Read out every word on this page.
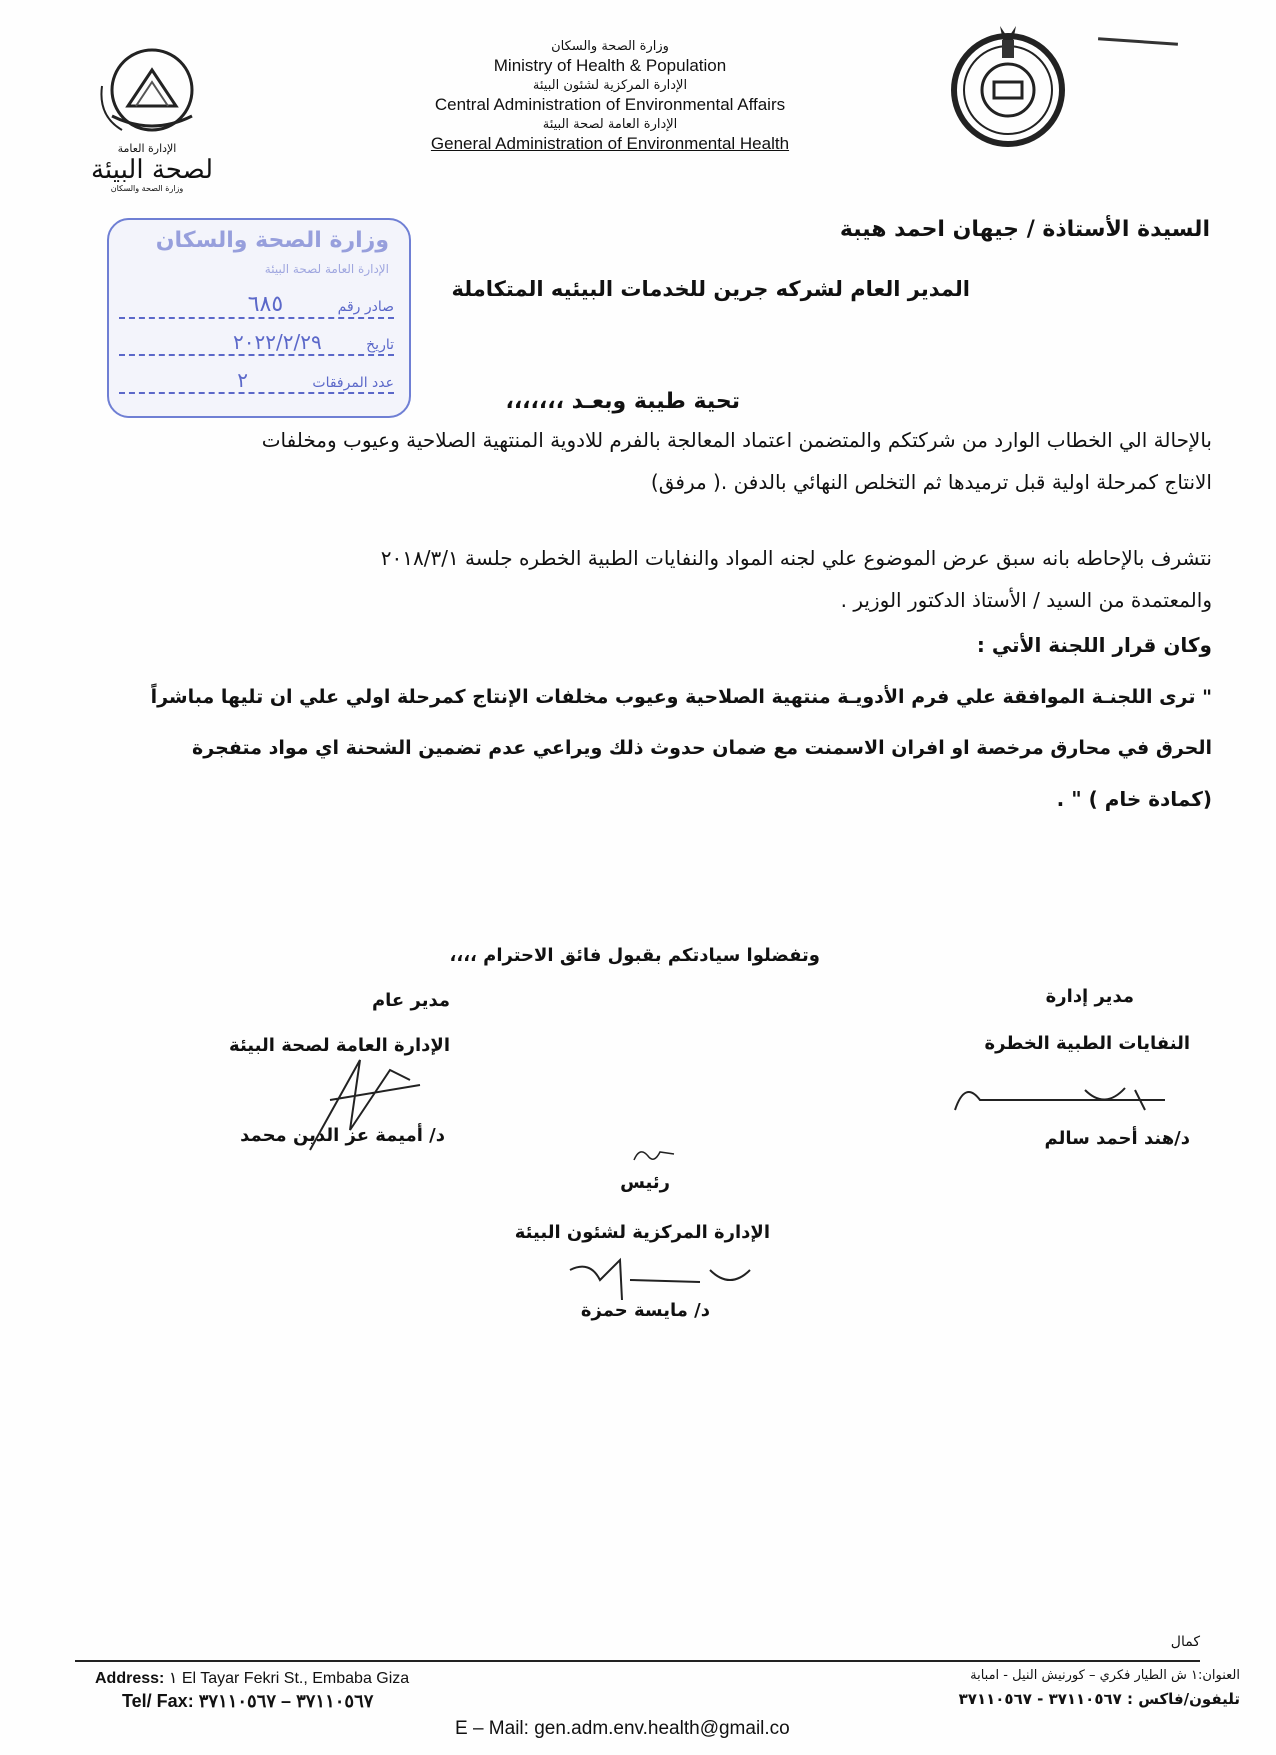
الإدارة العامة
لصحة البيئة
وزارة الصحة والسكان
وزارة الصحة والسكان
Ministry of Health & Population
الإدارة المركزية لشئون البيئة
Central Administration of Environmental Affairs
الإدارة العامة لصحة البيئة
General Administration of Environmental Health
وزارة الصحة والسكان
الإدارة العامة لصحة البيئة
صادر رقم ٦٨٥
تاريخ ٢٠٢٢/٢/٢٩
عدد المرفقات ٢
السيدة الأستاذة / جيهان احمد هيبة
المدير العام لشركه جرين للخدمات البيئيه المتكاملة
تحية طيبة وبعـد ،،،،،،،
بالإحالة الي الخطاب الوارد من شركتكم والمتضمن اعتماد المعالجة بالفرم للادوية المنتهية الصلاحية وعيوب ومخلفات
الانتاج كمرحلة اولية قبل ترميدها ثم التخلص النهائي بالدفن .( مرفق)
نتشرف بالإحاطه بانه سبق عرض الموضوع علي لجنه المواد والنفايات الطبية الخطره جلسة ٢٠١٨/٣/١
والمعتمدة من السيد / الأستاذ الدكتور الوزير .
وكان قرار اللجنة الأتي :
" ترى اللجنـة الموافقة علي فرم الأدويـة منتهية الصلاحية وعيوب مخلفات الإنتاج كمرحلة اولي علي ان تليها مباشراً
الحرق في محارق مرخصة او افران الاسمنت مع ضمان حدوث ذلك ويراعي عدم تضمين الشحنة اي مواد متفجرة
(كمادة خام ) " .
وتفضلوا سيادتكم بقبول فائق الاحترام ،،،،
مدير عام
الإدارة العامة لصحة البيئة
د/ أميمة عز الدين محمد
مدير إدارة
النفايات الطبية الخطرة
د/هند أحمد سالم
رئيس
الإدارة المركزية لشئون البيئة
د/ مايسة حمزة
كمال
Address: ١ El Tayar Fekri St., Embaba Giza
Tel/ Fax: ٣٧١١٠٥٦٧ – ٣٧١١٠٥٦٧
العنوان:١ ش الطيار فكري – كورنيش النيل - امبابة
تليفون/فاكس : ٣٧١١٠٥٦٧ - ٣٧١١٠٥٦٧
E – Mail: gen.adm.env.health@gmail.co
